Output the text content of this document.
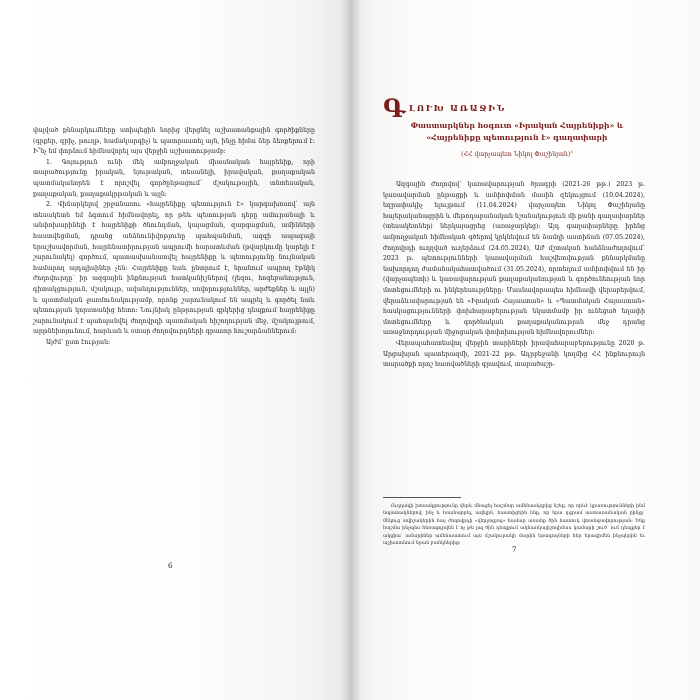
վալված քննարկումները ստիպեցին նորից վերցնել աշխատանքային գործիքները (գրքեր, գրիչ, թուղթ, համակարգիչ) և պատրաստել այն, ինչը հիմա ձեր ձեռքերում է։ Ի՞նչ եմ փորձում հիմնավորել այս վերջին աշխատությամբ։

1. Գոյություն ունի մեկ ամբողջական միասնական հայրենիք, որի տարածությունը իրական, նյութական, տեսանելի, իրավական, քաղաքական պատմականորեն է որոշվել գործընթացում՝ մշակութային, տնտեսական, քաղաքական, քաղաքակրթական և այլն։

2. Վիճարկելով շրջանառու «հայրենիքը պետություն է» կարգախոսով՝ այն տեսակետն եմ ձգտում հիմնավորել, որ թեև պետության դերը ամուրանալի և անփոխարինելի է հայրենիքի ծնունդման, կայացման, զարգացման, ամինների հաստվեցման, դրանց անձնունիվոթյունը պահպանման, ազգի ապագայի երաշխավորման, հայրենատիրության ապրումի հարատևման (թվարկումը կարելի է շարունակել) գործում, պատասխանատվել հայրենիքը և պետությունը նույնական համարող այդպիսիներ չեն։ Հայրենիքը նաև ընտրում է, նրանում ապրող էթնիկ ժողովուրդը՝ իր ազգային ինքնության հատկանիշներով (լեզու, հոգեբանություն, գիտակցություն, մշակույթ, ավանդություններ, սովորություններ, արժեքներ և այլն) և պատմական ջառմունակությամբ, որոնք շարունակում են ապրել և գործել նաև պետության կորստանից հետո։ Նույնիսկ ընթրության գրկերից դեպքում հայրենիքը շարունակում է պահպանվել ժողովրդի պատմական հիշողության մեջ, մշակույթում, արթնեիտյունում, հարևան և օտար ժողովուրդների գրառոր հուշարձաններում։

Այժմ՝ ըստ էության։

6
Գ ԼՈՒԽ ԱՌԱՋԻՆ
Փաստարկներ հօգուտ «Իրական Հայրենիքի» և «Հայրենիքը պետություն է» գաղափարի
(ՀՀ վարչապետ Նիկոլ Փաշինյան)$^3$

Ազգային ժողովով՝ կառավարության ծրագրի (2021-26 թթ.) 2023 թ. կառավարման ընթացքի և ամփոփման մասին զեկույցում (10.04.2024), եզրափակիչ ելույթում (11.04.2024) վարչապետ Նիկոլ Փաշինյանը հայերականացրին և մեթոդաբանական նշանակություն մի քանի գաղափարներ (տեսակետներ) ներկայացրեց (առաջարկեց)։ Այդ գաղափարները իրենց ամբողջական հիմնական գծերով կրկնեվում են ձամղի աստիճան (07.05.2024), ժողովրդի ուղղված ուղերձում (24.05.2024), ԱԺ մշտական հանձնաժողովում՝ 2023 թ. պետությունների կառավարման հաշվետվության քննարկմանը նախորդող ժամանակահատվածում (31.05.2024), որտեղում ամփոփվում են իր (վարչապետի) և կառավարության քաղաքականության և գործունեության նոր մոտեցումների ու ինկերեսությները։ Մասնավորապես հիմնավի վերաբերվում, վերաձևավարության են «Իրական Հայաստան» և «Պատմական Հայաստան» հասկացությունների փոխհարաբերության նկատմամբ իր ունեցած եղափի մոտեցումները և գործնական քաղաքականության մեջ դրանց առաջնորդության միջոցական փոփոխության հիմնավորումներ։

Վերապահատեսվող վերջին տարիների իրավահարաբերությունը 2020 թ. Արցախյան պատերազմի, 2021-22 թթ. Ադրբեջանի կողմից ՀՀ ինքնուրույն տարածքի որոշ հատվածների գրավում, տարածաշր-

Ուղղակի խոսակցությունը վերև մնացել հաշմար ամենասկզբից նշեք, որ որևէ կրառությունների ինմ նպատակներով, ինչ և հասնաբրել, ավելին, հաստիցեին ենք, որ նրա դգրամ աստառանական բինչը՝ մեկուց ավիշակերին հայ ժողովրդի «վերջոցյալ» համար առանք ծին հատուկ վտանգավորության։ Ենք հաշմա ինչպես հեռացդրվեն է ոչ թե լալ ծին դեպքում ակնառկայիշողիմաս կամարի շուծ՝ ում դեպքեր է ակցիա՝ ամարիներ ամենաատում այս մշակուրակի մարին երագողների հեր երագիմեն ինչպերին եւ աշխատնում նրան բանկներից։

7
